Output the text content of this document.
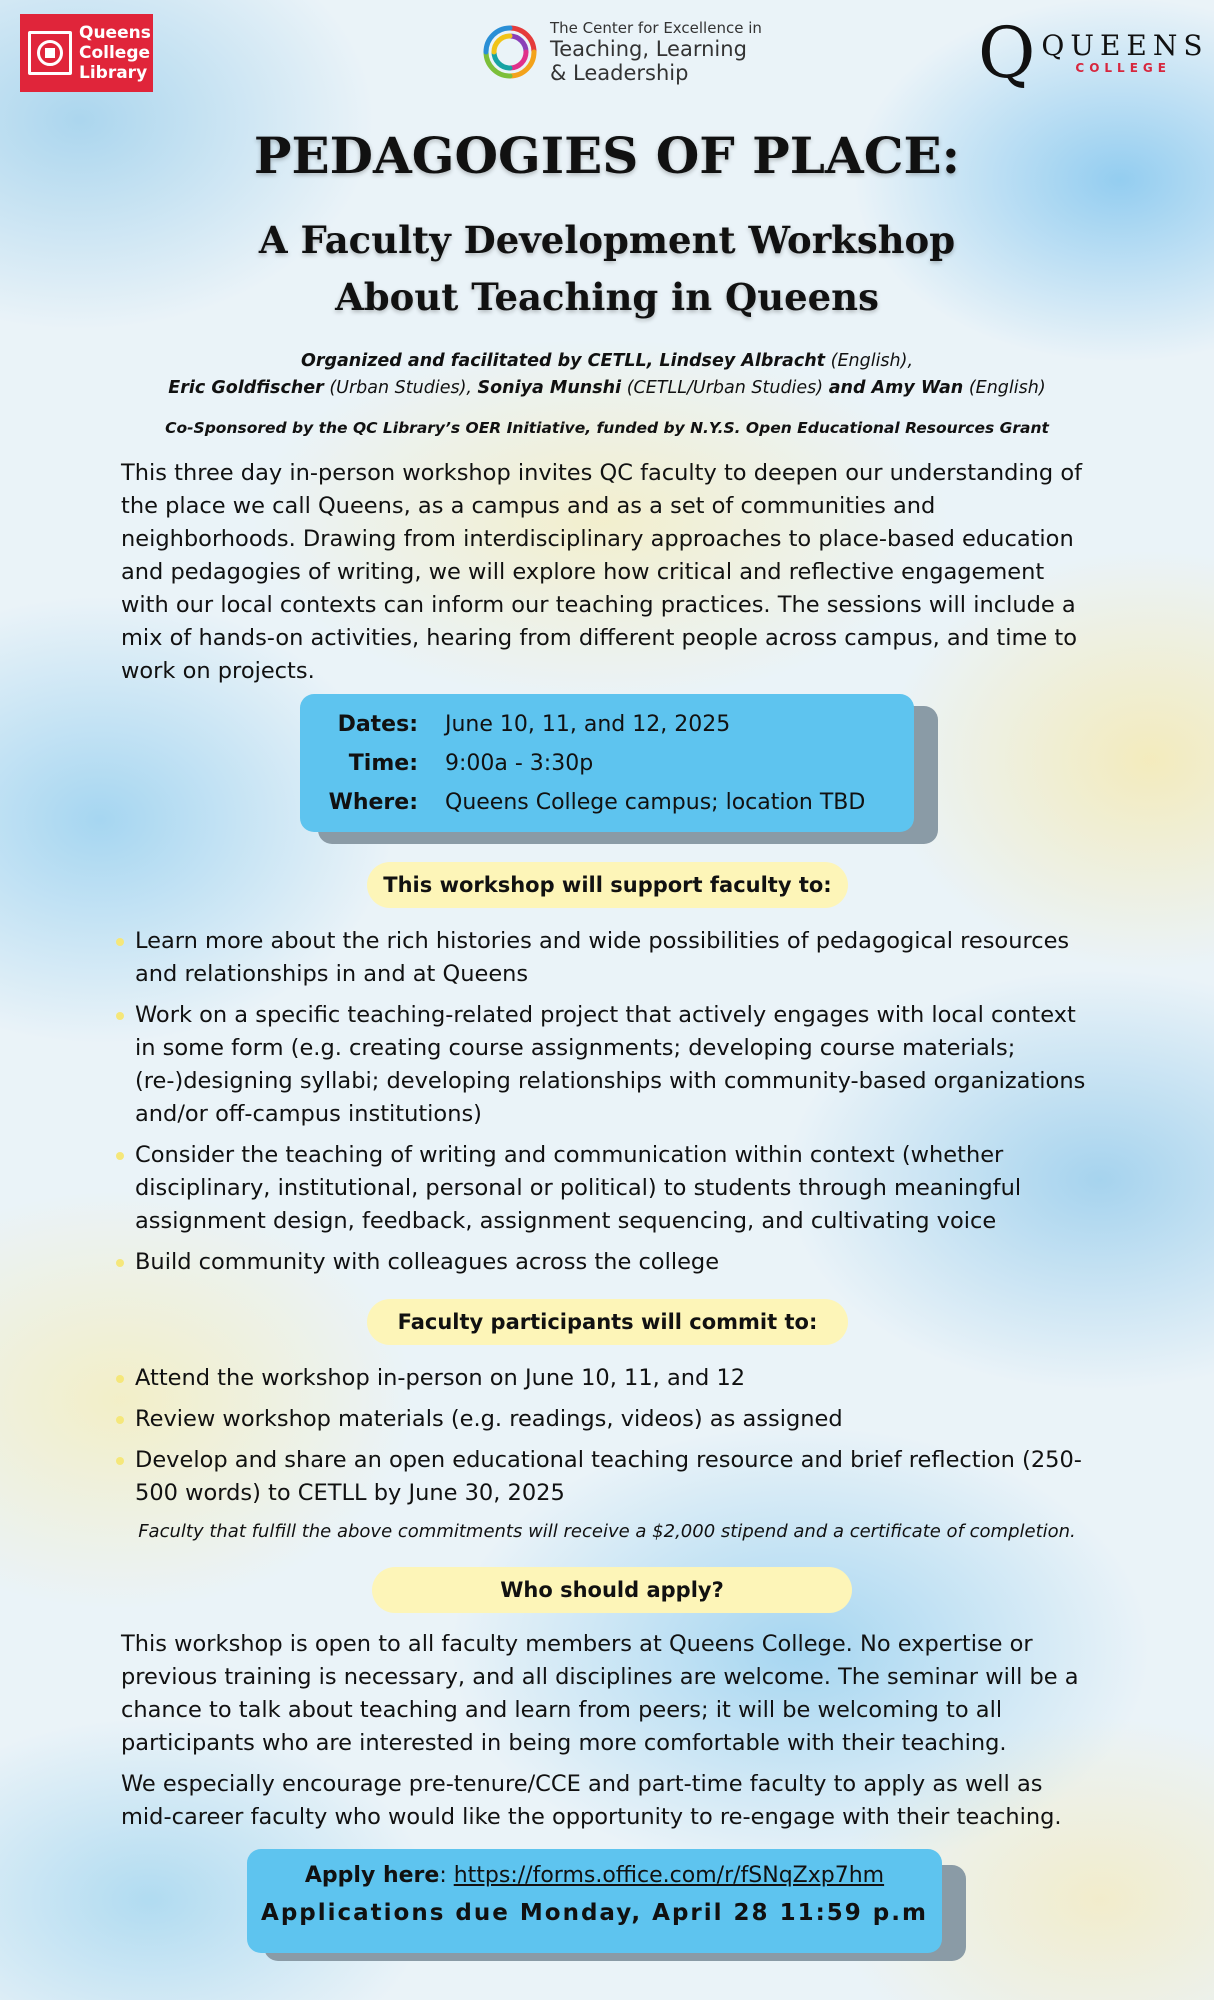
Queens
College
Library
The Center for Excellence in
Teaching, Learning
& Leadership	Q QUEENS
COLLEGE
PEDAGOGIES OF PLACE:
A Faculty Development Workshop
About Teaching in Queens
Organized and facilitated by CETLL, Lindsey Albracht (English),
Eric Goldfischer (Urban Studies), Soniya Munshi (CETLL/Urban Studies) and Amy Wan (English)
Co-Sponsored by the QC Library’s OER Initiative, funded by N.Y.S. Open Educational Resources Grant
This three day in-person workshop invites QC faculty to deepen our understanding of the place we call Queens, as a campus and as a set of communities and neighborhoods. Drawing from interdisciplinary approaches to place-based education and pedagogies of writing, we will explore how critical and reflective engagement with our local contexts can inform our teaching practices. The sessions will include a mix of hands-on activities, hearing from different people across campus, and time to work on projects.
Dates: June 10, 11, and 12, 2025
Time: 9:00a - 3:30p
Where: Queens College campus; location TBD
This workshop will support faculty to:
Learn more about the rich histories and wide possibilities of pedagogical resources and relationships in and at Queens
Work on a specific teaching-related project that actively engages with local context in some form (e.g. creating course assignments; developing course materials; (re-)designing syllabi; developing relationships with community-based organizations and/or off-campus institutions)
Consider the teaching of writing and communication within context (whether disciplinary, institutional, personal or political) to students through meaningful assignment design, feedback, assignment sequencing, and cultivating voice
Build community with colleagues across the college
Faculty participants will commit to:
Attend the workshop in-person on June 10, 11, and 12
Review workshop materials (e.g. readings, videos) as assigned
Develop and share an open educational teaching resource and brief reflection (250-500 words) to CETLL by June 30, 2025
Faculty that fulfill the above commitments will receive a $2,000 stipend and a certificate of completion.
Who should apply?
This workshop is open to all faculty members at Queens College. No expertise or previous training is necessary, and all disciplines are welcome. The seminar will be a chance to talk about teaching and learn from peers; it will be welcoming to all participants who are interested in being more comfortable with their teaching.
We especially encourage pre-tenure/CCE and part-time faculty to apply as well as mid-career faculty who would like the opportunity to re-engage with their teaching.
Apply here: https://forms.office.com/r/fSNqZxp7hm
Applications due Monday, April 28 11:59 p.m
